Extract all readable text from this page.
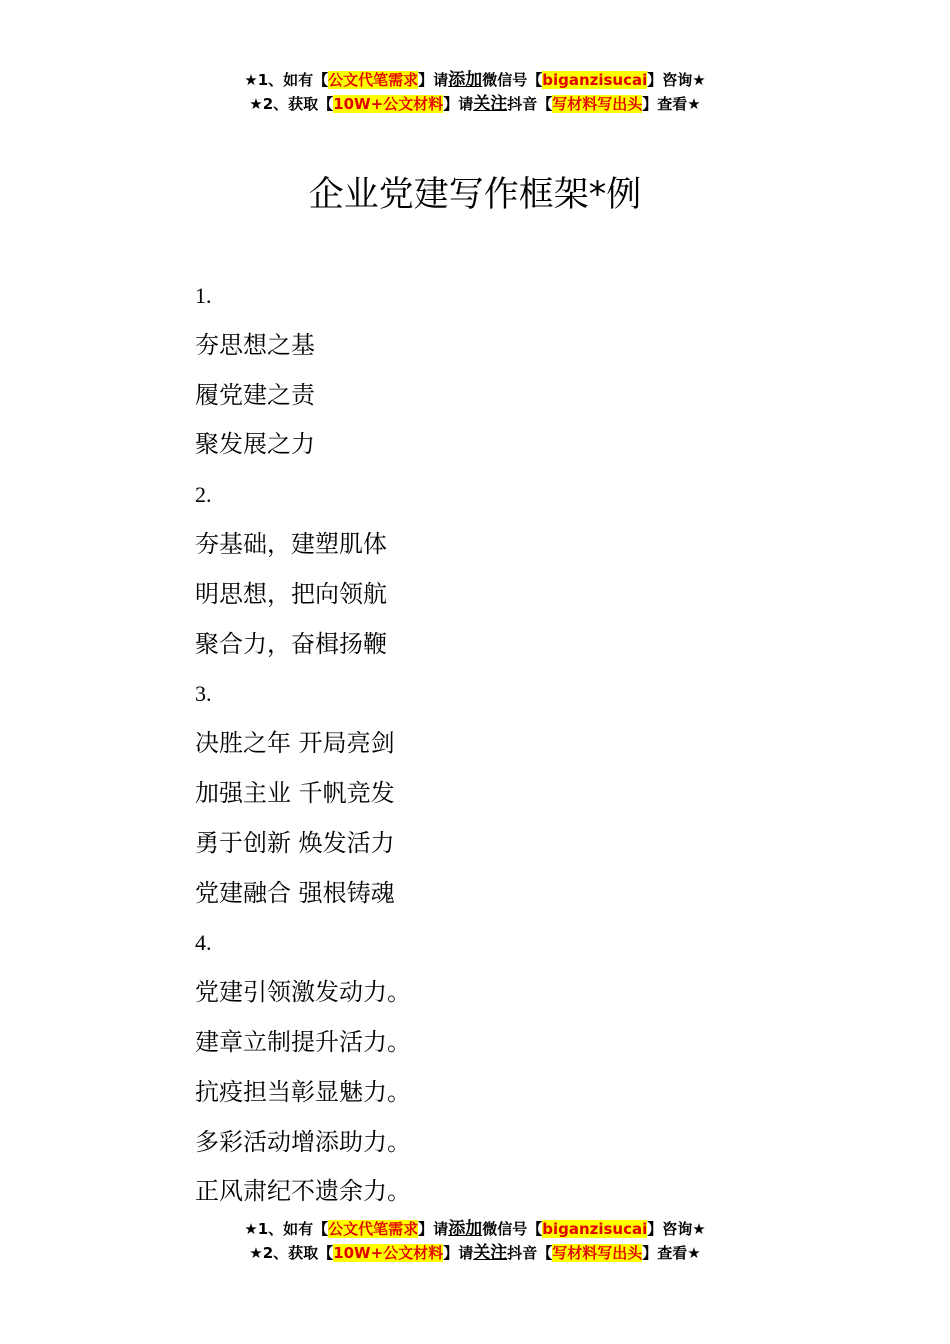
★1、如有【公文代笔需求】请添加微信号【biganzisucai】咨询★
★2、获取【10W+公文材料】请关注抖音【写材料写出头】查看★
企业党建写作框架*例
1.
夯思想之基
履党建之责
聚发展之力
2.
夯基础，建塑肌体
明思想，把向领航
聚合力，奋楫扬鞭
3.
决胜之年 开局亮剑
加强主业 千帆竞发
勇于创新 焕发活力
党建融合 强根铸魂
4.
党建引领激发动力。
建章立制提升活力。
抗疫担当彰显魅力。
多彩活动增添助力。
正风肃纪不遗余力。
★1、如有【公文代笔需求】请添加微信号【biganzisucai】咨询★
★2、获取【10W+公文材料】请关注抖音【写材料写出头】查看★
